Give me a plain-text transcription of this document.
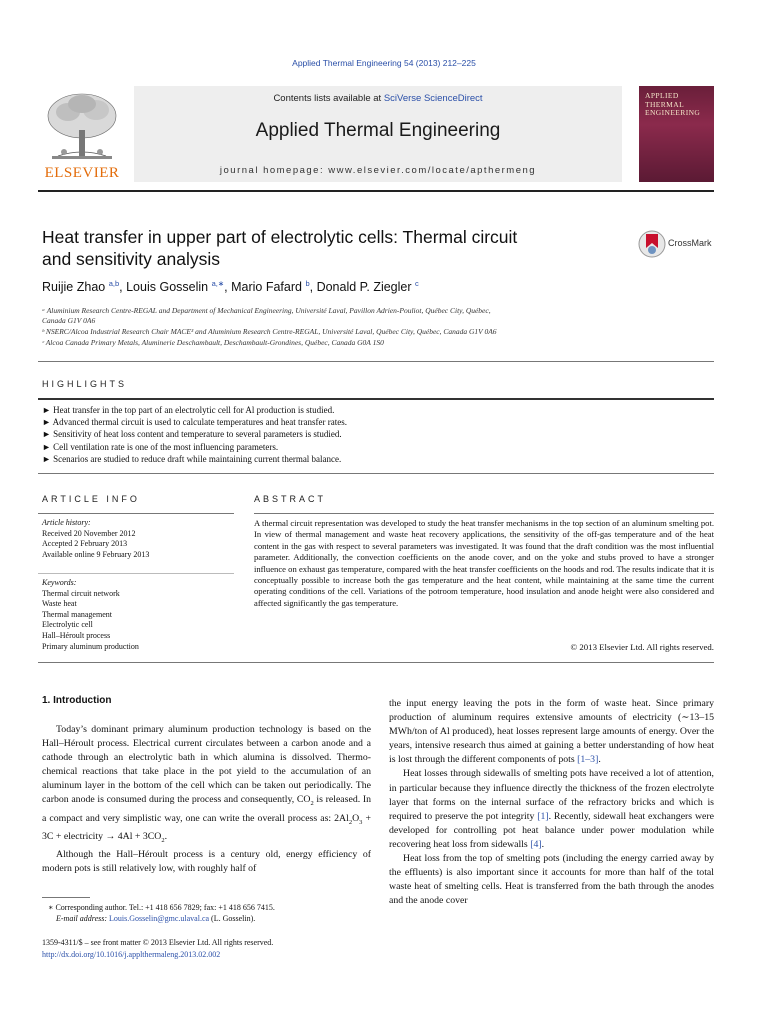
Applied Thermal Engineering 54 (2013) 212–225
ELSEVIER
Contents lists available at SciVerse ScienceDirect
Applied Thermal Engineering
journal homepage: www.elsevier.com/locate/apthermeng
APPLIED
THERMAL
ENGINEERING
Heat transfer in upper part of electrolytic cells: Thermal circuit
and sensitivity analysis
CrossMark
Ruijie Zhao $^{a,b}$, Louis Gosselin $^{a,∗}$, Mario Fafard $^b$, Donald P. Ziegler $^c$
ᵃ Aluminium Research Centre-REGAL and Department of Mechanical Engineering, Université Laval, Pavillon Adrien-Pouliot, Québec City, Québec,
Canada G1V 0A6
ᵇ NSERC/Alcoa Industrial Research Chair MACE³ and Aluminium Research Centre-REGAL, Université Laval, Québec City, Québec, Canada G1V 0A6
ᶜ Alcoa Canada Primary Metals, Aluminerie Deschambault, Deschambault-Grondines, Québec, Canada G0A 1S0
HIGHLIGHTS
► Heat transfer in the top part of an electrolytic cell for Al production is studied.
► Advanced thermal circuit is used to calculate temperatures and heat transfer rates.
► Sensitivity of heat loss content and temperature to several parameters is studied.
► Cell ventilation rate is one of the most influencing parameters.
► Scenarios are studied to reduce draft while maintaining current thermal balance.
ARTICLE INFO
Article history:
Received 20 November 2012
Accepted 2 February 2013
Available online 9 February 2013
Keywords:
Thermal circuit network
Waste heat
Thermal management
Electrolytic cell
Hall–Héroult process
Primary aluminum production
ABSTRACT
A thermal circuit representation was developed to study the heat transfer mechanisms in the top section of an aluminum smelting pot. In view of thermal management and waste heat recovery applications, the sensitivity of the off-gas temperature and of the heat content in the gas with respect to several parameters was investigated. It was found that the draft condition was the most influential parameter. Additionally, the convection coefficients on the anode cover, and on the yoke and stubs proved to have a stronger influence on exhaust gas temperature, compared with the heat transfer coefficients on the hoods and rod. The results indicate that it is conceptually possible to increase both the gas temperature and the heat content, while maintaining at the same time the current operating conditions of the cell. Variations of the potroom temperature, hood insulation and anode height were also considered and affected significantly the gas temperature.
© 2013 Elsevier Ltd. All rights reserved.
1. Introduction

Today’s dominant primary aluminum production technology is based on the Hall–Héroult process. Electrical current circulates between a carbon anode and a cathode through an electrolytic bath in which alumina is dissolved. Thermo-chemical reactions that take place in the pot yield to the accumulation of an aluminum layer in the bottom of the cell which can be taken out periodically. The carbon anode is consumed during the process and consequently, $CO_2$ is released. In a compact and very simplistic way, one can write the overall process as: $2Al_2O_3 + 3C$ + electricity → $4Al + 3CO_2$.

Although the Hall–Héroult process is a century old, energy efficiency of modern pots is still relatively low, with roughly half of

∗ Corresponding author. Tel.: +1 418 656 7829; fax: +1 418 656 7415.
E-mail address: Louis.Gosselin@gmc.ulaval.ca (L. Gosselin).
1359-4311/$ – see front matter © 2013 Elsevier Ltd. All rights reserved.
http://dx.doi.org/10.1016/j.applthermaleng.2013.02.002

the input energy leaving the pots in the form of waste heat. Since primary production of aluminum requires extensive amounts of electricity (∼13–15 MWh/ton of Al produced), heat losses represent large amounts of energy. Over the years, intensive research thus aimed at gaining a better understanding of how heat is lost through the different components of pots [1–3].

Heat losses through sidewalls of smelting pots have received a lot of attention, in particular because they influence directly the thickness of the frozen electrolyte layer that forms on the internal surface of the refractory bricks and which is required to preserve the pot integrity [1]. Recently, sidewall heat exchangers were developed for controlling pot heat balance under power modulation while recovering heat loss from sidewalls [4].

Heat loss from the top of smelting pots (including the energy carried away by the effluents) is also important since it accounts for more than half of the total waste heat of smelting cells. Heat is transferred from the bath through the anodes and the anode cover
